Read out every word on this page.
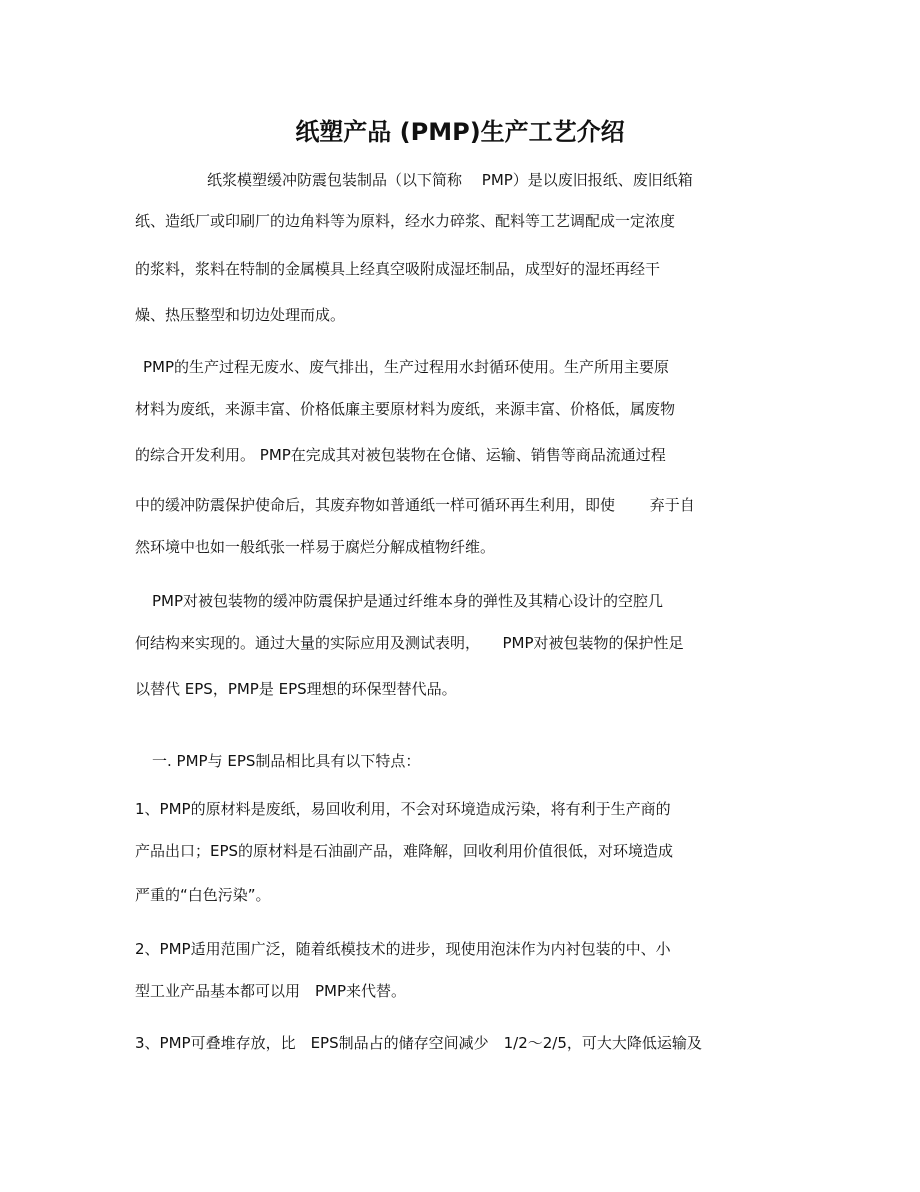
纸塑产品 (PMP)生产工艺介绍
纸浆模塑缓冲防震包装制品（以下简称　 PMP）是以废旧报纸、废旧纸箱
纸、造纸厂或印刷厂的边角料等为原料，经水力碎浆、配料等工艺调配成一定浓度
的浆料，浆料在特制的金属模具上经真空吸附成湿坯制品，成型好的湿坯再经干
燥、热压整型和切边处理而成。
PMP的生产过程无废水、废气排出，生产过程用水封循环使用。生产所用主要原
材料为废纸，来源丰富、价格低廉主要原材料为废纸，来源丰富、价格低，属废物
的综合开发利用。 PMP在完成其对被包装物在仓储、运输、销售等商品流通过程
中的缓冲防震保护使命后，其废弃物如普通纸一样可循环再生利用，即使　　 弃于自
然环境中也如一般纸张一样易于腐烂分解成植物纤维。
PMP对被包装物的缓冲防震保护是通过纤维本身的弹性及其精心设计的空腔几
何结构来实现的。通过大量的实际应用及测试表明，　　PMP对被包装物的保护性足
以替代 EPS，PMP是 EPS理想的环保型替代品。
一. PMP与 EPS制品相比具有以下特点：
1、PMP的原材料是废纸，易回收利用，不会对环境造成污染，将有利于生产商的
产品出口；EPS的原材料是石油副产品，难降解，回收利用价值很低，对环境造成
严重的“白色污染”。
2、PMP适用范围广泛，随着纸模技术的进步，现使用泡沫作为内衬包装的中、小
型工业产品基本都可以用　PMP来代替。
3、PMP可叠堆存放，比　EPS制品占的储存空间减少　1/2～2/5，可大大降低运输及
